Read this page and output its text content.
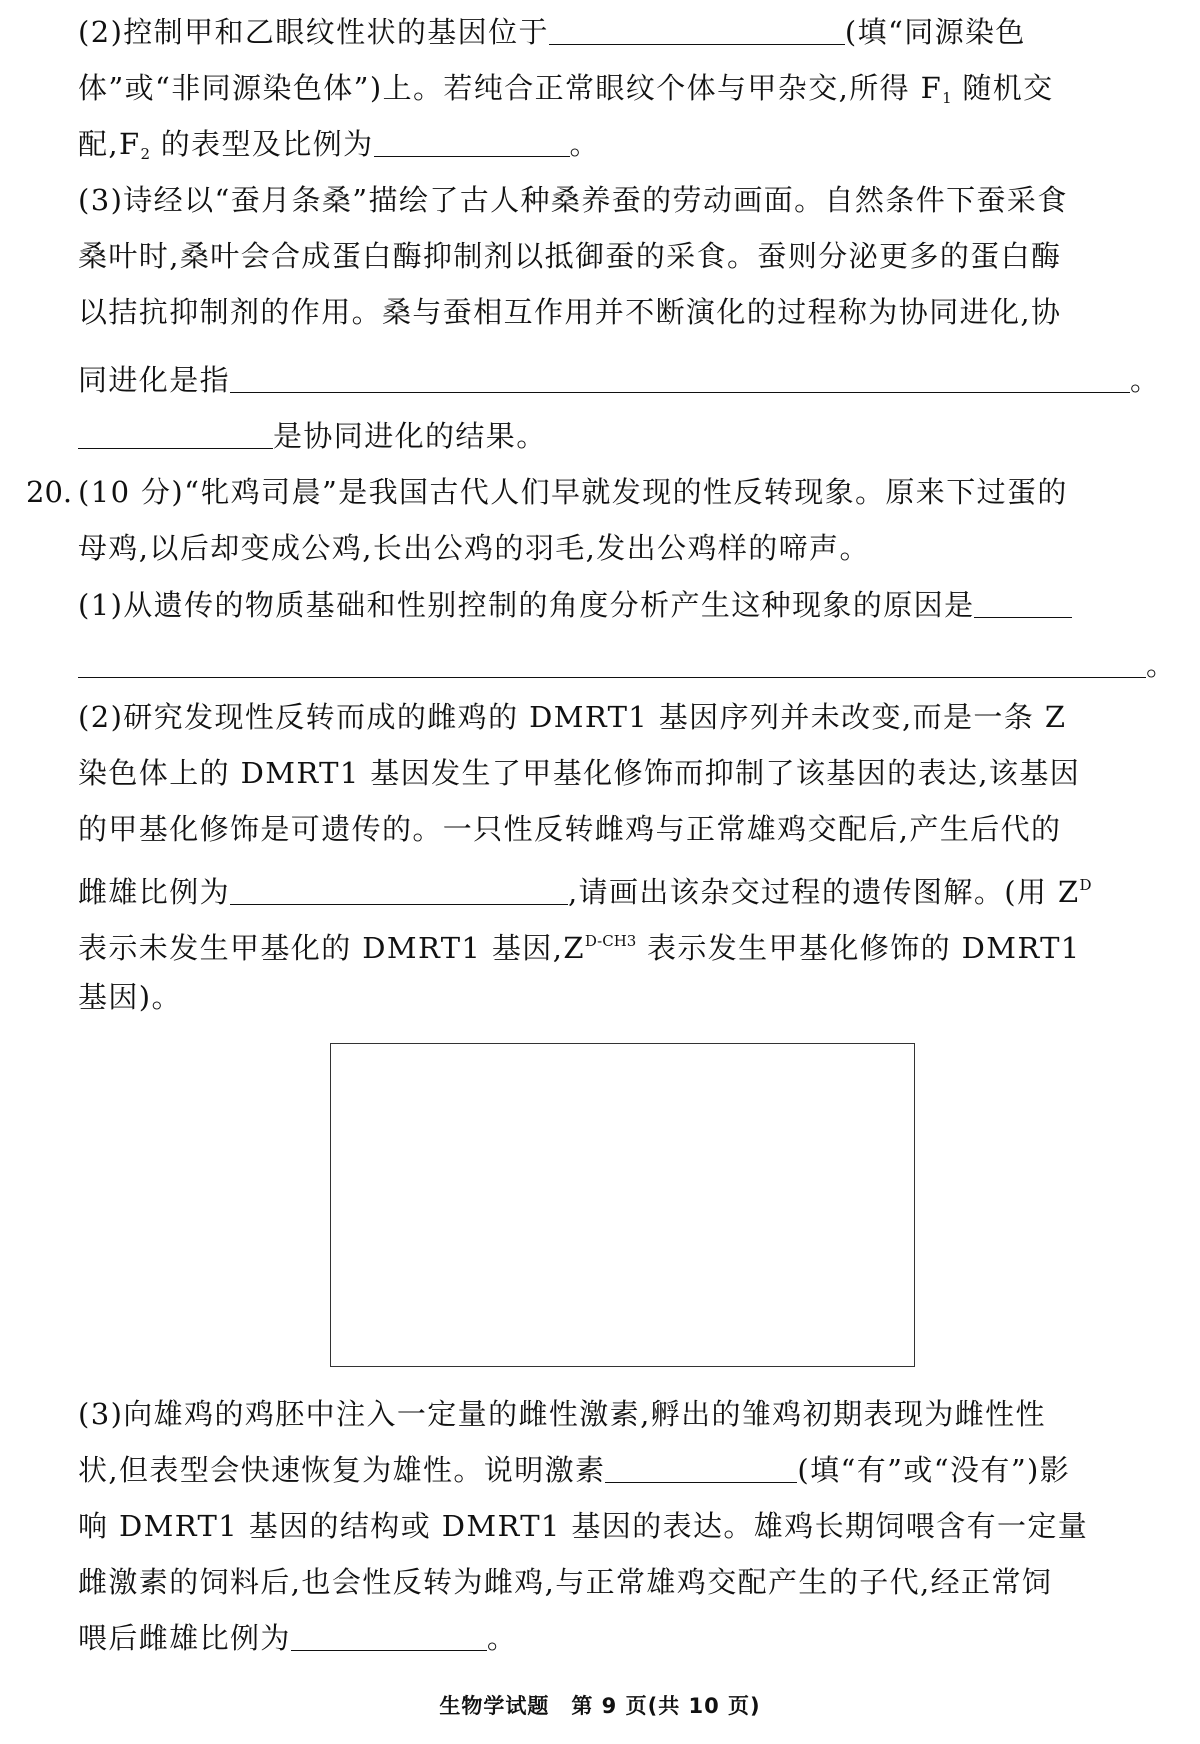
(2)控制甲和乙眼纹性状的基因位于	(填“同源染色
体”或“非同源染色体”)上。若纯合正常眼纹个体与甲杂交,所得 $F_1$ 随机交
配$,F_2$ 的表型及比例为	。
(3)诗经以“蚕月条桑”描绘了古人种桑养蚕的劳动画面。自然条件下蚕采食
桑叶时,桑叶会合成蛋白酶抑制剂以抵御蚕的采食。蚕则分泌更多的蛋白酶
以拮抗抑制剂的作用。桑与蚕相互作用并不断演化的过程称为协同进化,协
同进化是指	。
是协同进化的结果。
20. (10 分)“牝鸡司晨”是我国古代人们早就发现的性反转现象。原来下过蛋的
母鸡,以后却变成公鸡,长出公鸡的羽毛,发出公鸡样的啼声。
(1)从遗传的物质基础和性别控制的角度分析产生这种现象的原因是
。
(2)研究发现性反转而成的雌鸡的 DMRT1 基因序列并未改变,而是一条 Z
染色体上的 DMRT1 基因发生了甲基化修饰而抑制了该基因的表达,该基因
的甲基化修饰是可遗传的。一只性反转雌鸡与正常雄鸡交配后,产生后代的
雌雄比例为	,请画出该杂交过程的遗传图解。(用 $Z^D$
表示未发生甲基化的 DMRT1 基因$,Z^{D-CH3}$ 表示发生甲基化修饰的 DMRT1
基因)。
(3)向雄鸡的鸡胚中注入一定量的雌性激素,孵出的雏鸡初期表现为雌性性
状,但表型会快速恢复为雄性。说明激素	(填“有”或“没有”)影
响 DMRT1 基因的结构或 DMRT1 基因的表达。雄鸡长期饲喂含有一定量
雌激素的饲料后,也会性反转为雌鸡,与正常雄鸡交配产生的子代,经正常饲
喂后雌雄比例为	。
生物学试题　第 9 页(共 10 页)
